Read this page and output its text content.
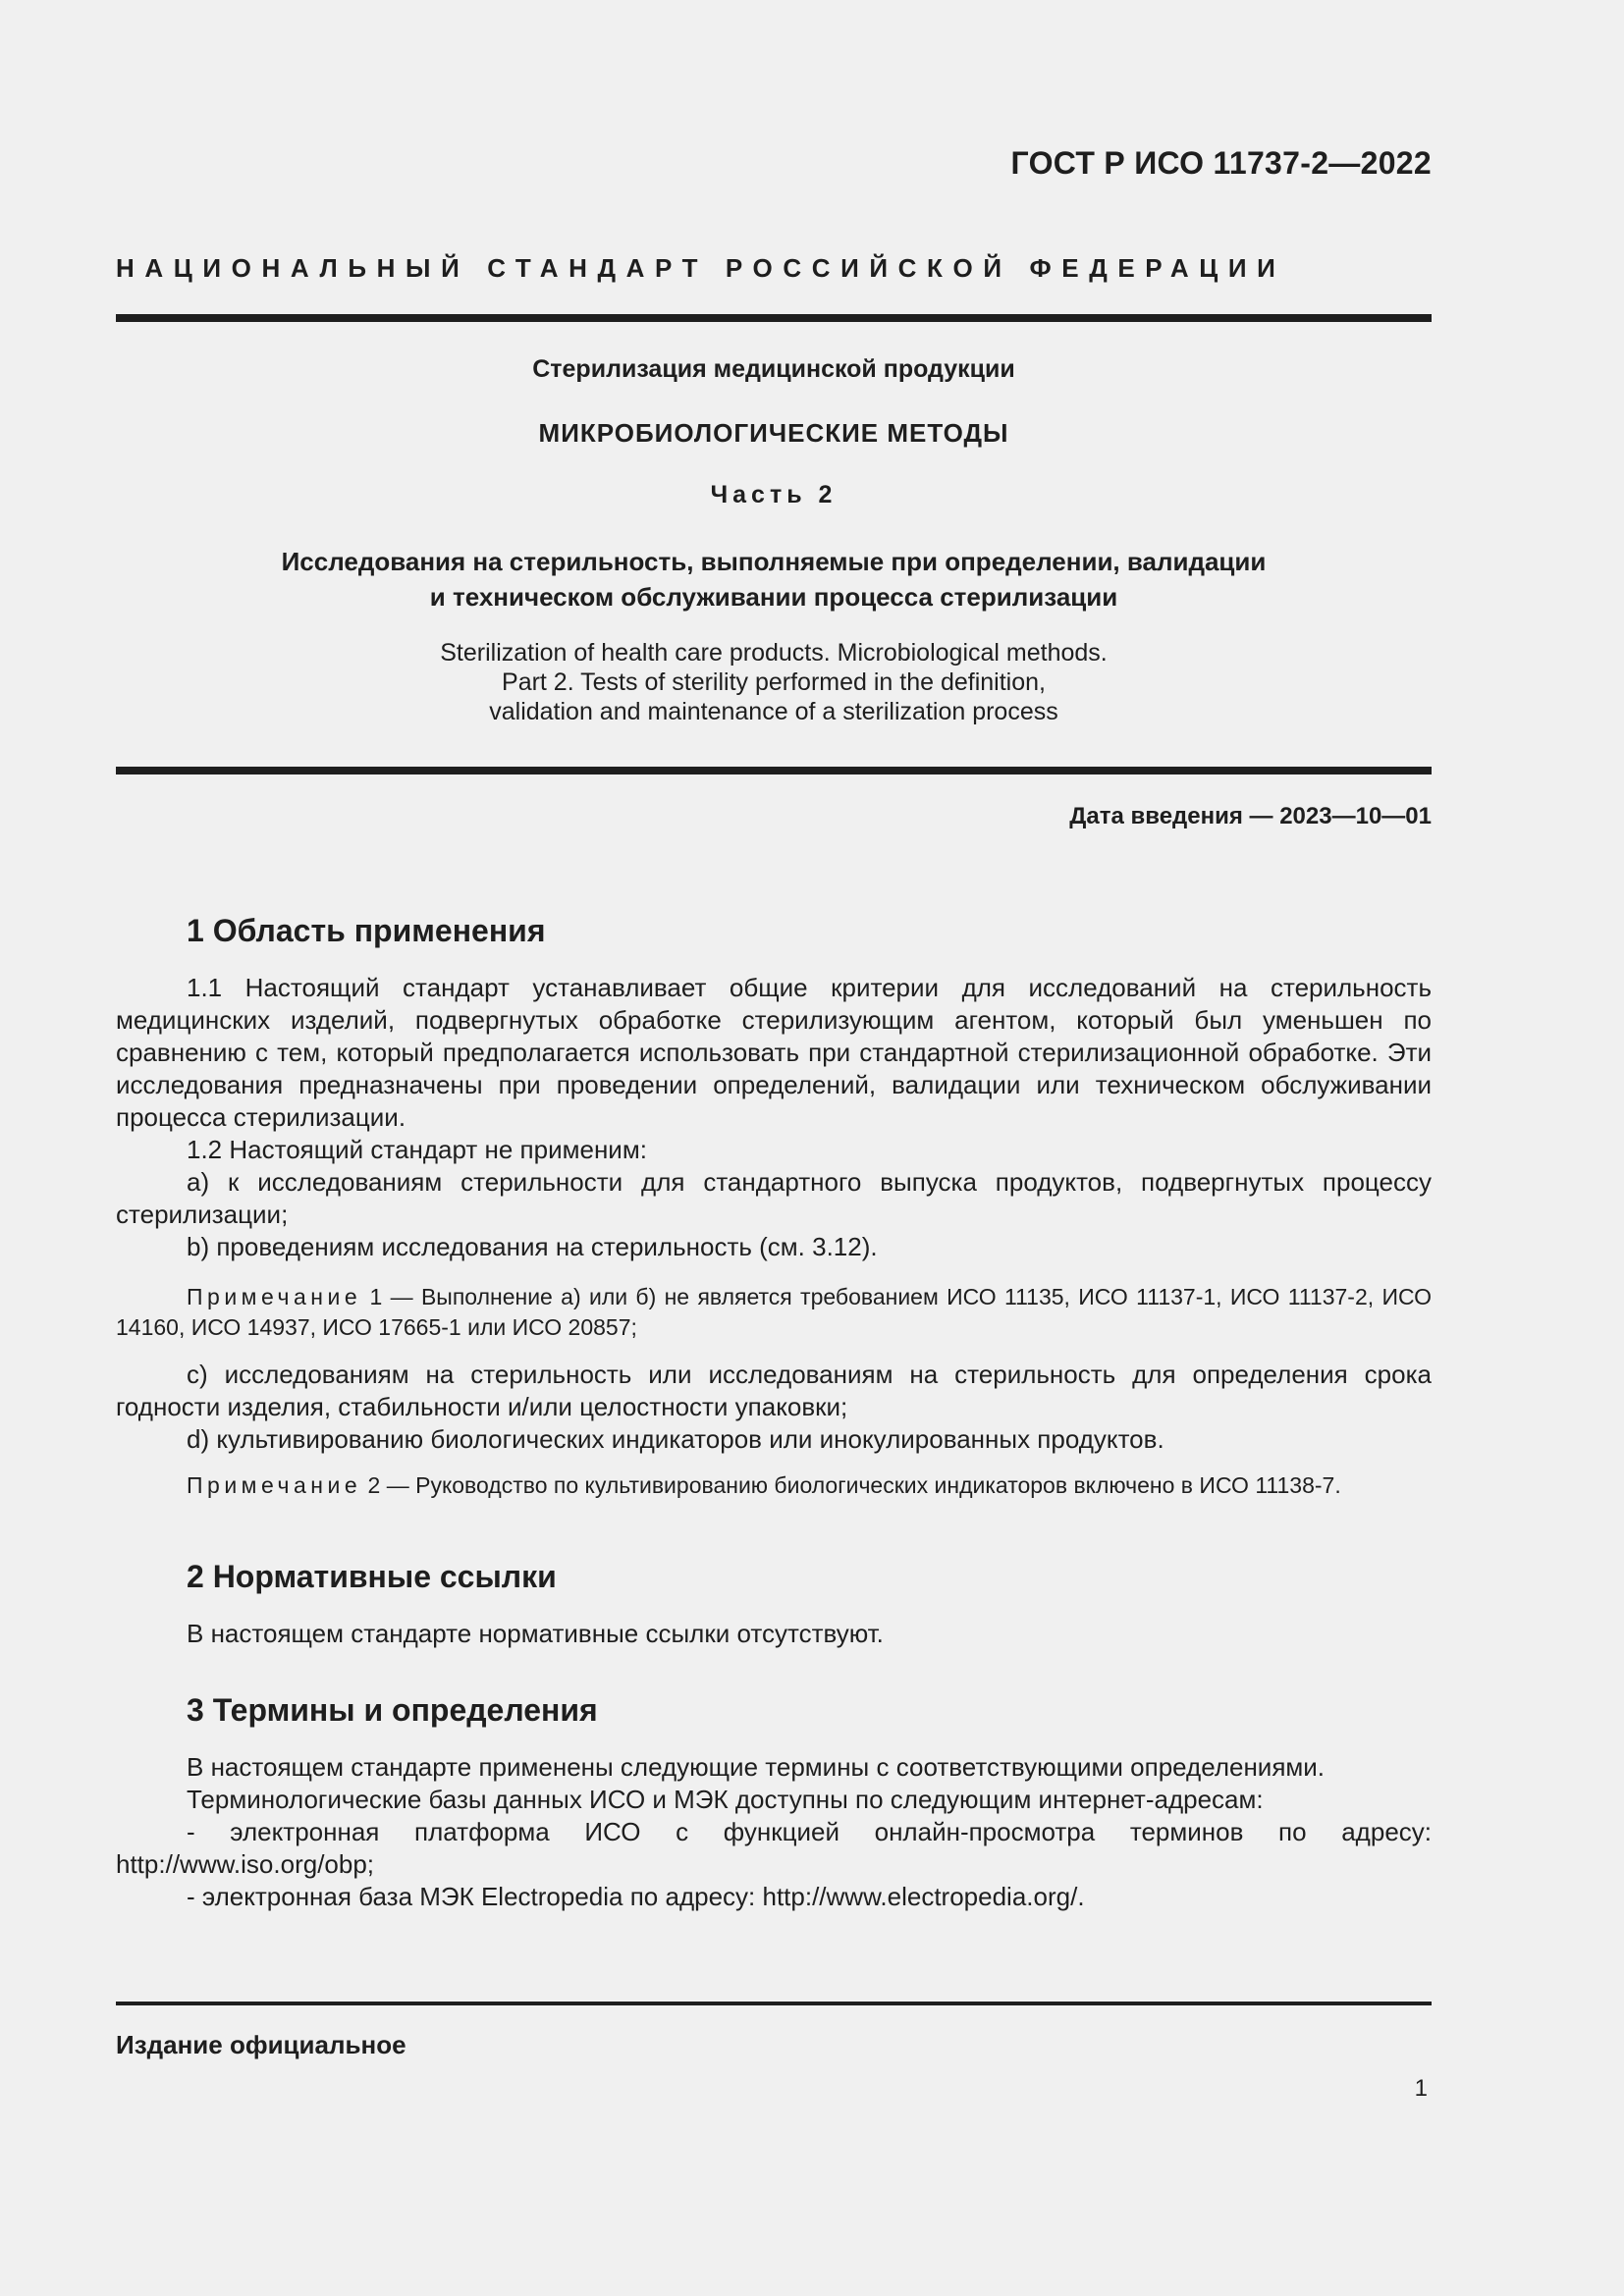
ГОСТ Р ИСО 11737-2—2022
НАЦИОНАЛЬНЫЙ СТАНДАРТ РОССИЙСКОЙ ФЕДЕРАЦИИ
Стерилизация медицинской продукции
МИКРОБИОЛОГИЧЕСКИЕ МЕТОДЫ
Часть 2
Исследования на стерильность, выполняемые при определении, валидации
и техническом обслуживании процесса стерилизации
Sterilization of health care products. Microbiological methods.
Part 2. Tests of sterility performed in the definition,
validation and maintenance of a sterilization process
Дата введения — 2023—10—01
1 Область применения

1.1 Настоящий стандарт устанавливает общие критерии для исследований на стерильность медицинских изделий, подвергнутых обработке стерилизующим агентом, который был уменьшен по сравнению с тем, который предполагается использовать при стандартной стерилизационной обработке. Эти исследования предназначены при проведении определений, валидации или техническом обслуживании процесса стерилизации.

1.2 Настоящий стандарт не применим:

а) к исследованиям стерильности для стандартного выпуска продуктов, подвергнутых процессу стерилизации;

b) проведениям исследования на стерильность (см. 3.12).

Примечание 1 — Выполнение а) или б) не является требованием ИСО 11135, ИСО 11137-1, ИСО 11137-2, ИСО 14160, ИСО 14937, ИСО 17665-1 или ИСО 20857;

c) исследованиям на стерильность или исследованиям на стерильность для определения срока годности изделия, стабильности и/или целостности упаковки;

d) культивированию биологических индикаторов или инокулированных продуктов.

Примечание 2 — Руководство по культивированию биологических индикаторов включено в ИСО 11138-7.

2 Нормативные ссылки

В настоящем стандарте нормативные ссылки отсутствуют.

3 Термины и определения

В настоящем стандарте применены следующие термины с соответствующими определениями.

Терминологические базы данных ИСО и МЭК доступны по следующим интернет-адресам:

- электронная платформа ИСО с функцией онлайн-просмотра терминов по адресу: http://www.iso.org/obp;

- электронная база МЭК Electropedia по адресу: http://www.electropedia.org/.

Издание официальное
1
